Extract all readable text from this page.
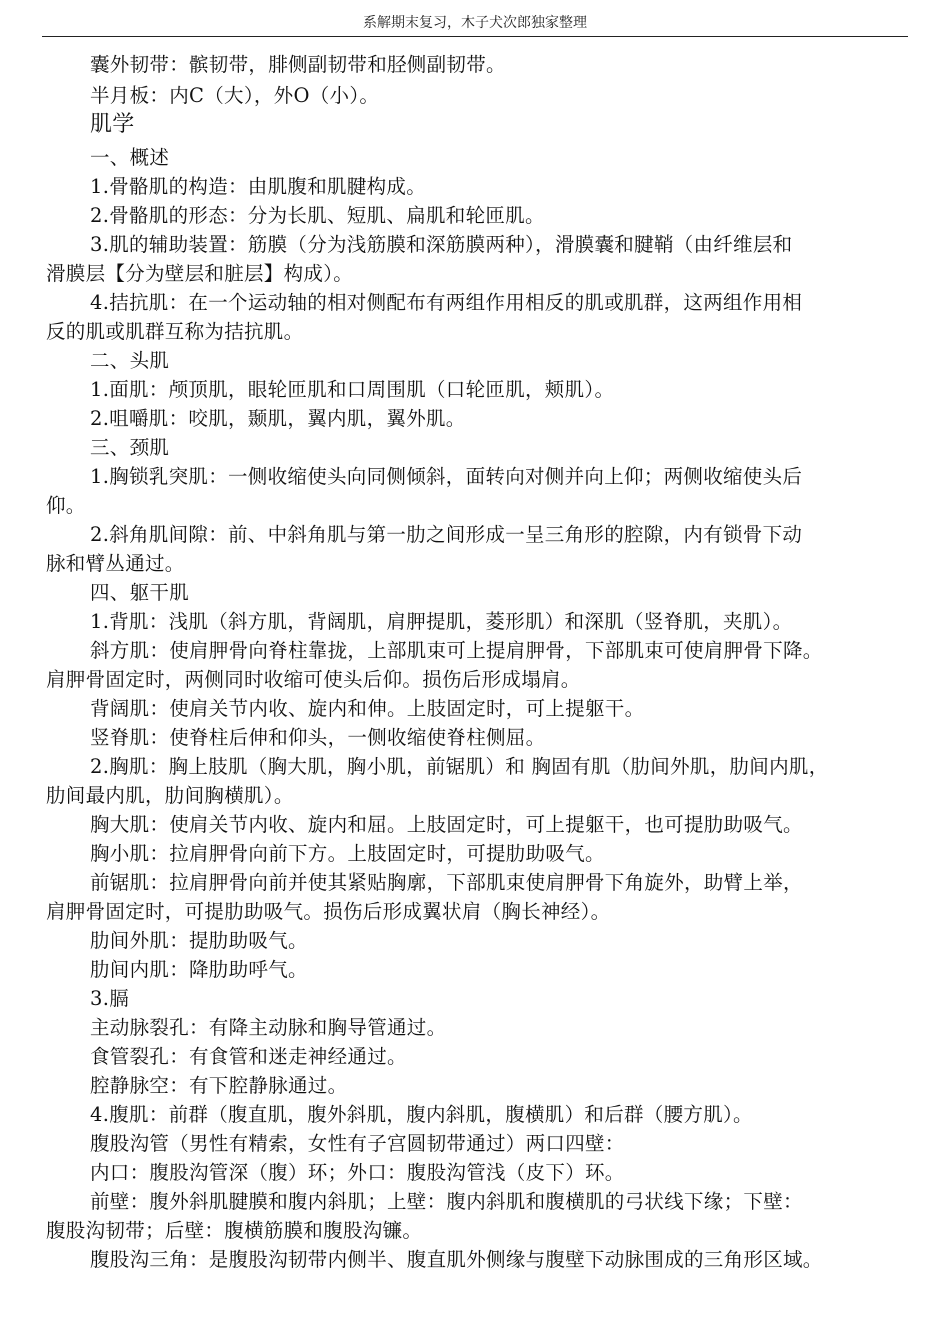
系解期末复习，木子犬次郎独家整理
囊外韧带：髌韧带，腓侧副韧带和胫侧副韧带。
半月板：内C（大），外O（小）。
肌学
一、概述
1.骨骼肌的构造：由肌腹和肌腱构成。
2.骨骼肌的形态：分为长肌、短肌、扁肌和轮匝肌。
3.肌的辅助装置：筋膜（分为浅筋膜和深筋膜两种），滑膜囊和腱鞘（由纤维层和
滑膜层【分为壁层和脏层】构成）。
4.拮抗肌：在一个运动轴的相对侧配布有两组作用相反的肌或肌群，这两组作用相
反的肌或肌群互称为拮抗肌。
二、头肌
1.面肌：颅顶肌，眼轮匝肌和口周围肌（口轮匝肌，颊肌）。
2.咀嚼肌：咬肌，颞肌，翼内肌，翼外肌。
三、颈肌
1.胸锁乳突肌：一侧收缩使头向同侧倾斜，面转向对侧并向上仰；两侧收缩使头后
仰。
2.斜角肌间隙：前、中斜角肌与第一肋之间形成一呈三角形的腔隙，内有锁骨下动
脉和臂丛通过。
四、躯干肌
1.背肌：浅肌（斜方肌，背阔肌，肩胛提肌，菱形肌）和深肌（竖脊肌，夹肌）。
斜方肌：使肩胛骨向脊柱靠拢，上部肌束可上提肩胛骨，下部肌束可使肩胛骨下降。
肩胛骨固定时，两侧同时收缩可使头后仰。损伤后形成塌肩。
背阔肌：使肩关节内收、旋内和伸。上肢固定时，可上提躯干。
竖脊肌：使脊柱后伸和仰头，一侧收缩使脊柱侧屈。
2.胸肌：胸上肢肌（胸大肌，胸小肌，前锯肌）和 胸固有肌（肋间外肌，肋间内肌，
肋间最内肌，肋间胸横肌）。
胸大肌：使肩关节内收、旋内和屈。上肢固定时，可上提躯干，也可提肋助吸气。
胸小肌：拉肩胛骨向前下方。上肢固定时，可提肋助吸气。
前锯肌：拉肩胛骨向前并使其紧贴胸廓，下部肌束使肩胛骨下角旋外，助臂上举，
肩胛骨固定时，可提肋助吸气。损伤后形成翼状肩（胸长神经）。
肋间外肌：提肋助吸气。
肋间内肌：降肋助呼气。
3.膈
主动脉裂孔：有降主动脉和胸导管通过。
食管裂孔：有食管和迷走神经通过。
腔静脉空：有下腔静脉通过。
4.腹肌：前群（腹直肌，腹外斜肌，腹内斜肌，腹横肌）和后群（腰方肌）。
腹股沟管（男性有精索，女性有子宫圆韧带通过）两口四壁：
内口：腹股沟管深（腹）环；外口：腹股沟管浅（皮下）环。
前壁：腹外斜肌腱膜和腹内斜肌；上壁：腹内斜肌和腹横肌的弓状线下缘；下壁：
腹股沟韧带；后壁：腹横筋膜和腹股沟镰。
腹股沟三角：是腹股沟韧带内侧半、腹直肌外侧缘与腹壁下动脉围成的三角形区域。
